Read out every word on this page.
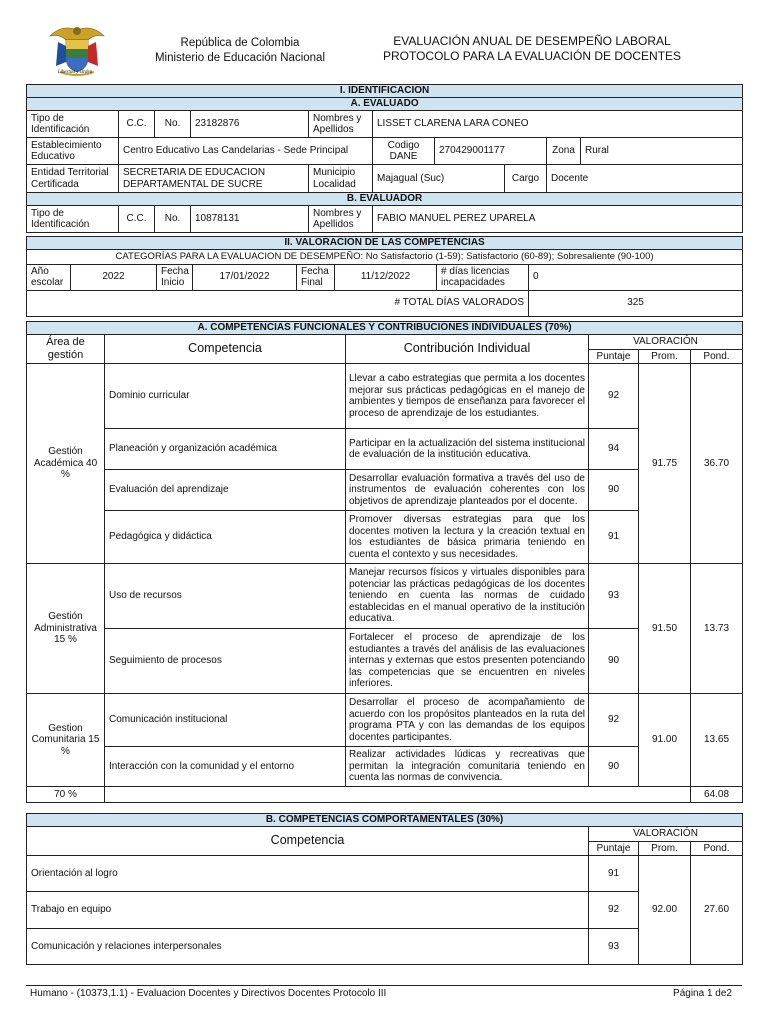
Libertad y Orden
República de Colombia
Ministerio de Educación Nacional
EVALUACIÓN ANUAL DE DESEMPEÑO LABORAL
PROTOCOLO PARA LA EVALUACIÓN DE DOCENTES
I. IDENTIFICACION									
A. EVALUADO									
Tipo de Identificación	C.C.	No.	23182876	Nombres y Apellidos	LISSET CLARENA LARA CONEO				
Establecimiento Educativo	Centro Educativo Las Candelarias - Sede Principal				Codigo DANE	270429001177		Zona	Rural
Entidad Territorial Certificada	SECRETARIA DE EDUCACION DEPARTAMENTAL DE SUCRE			Municipio Localidad	Majagual (Suc)		Cargo	Docente	
B. EVALUADOR									
Tipo de Identificación	C.C.	No.	10878131	Nombres y Apellidos	FABIO MANUEL PEREZ UPARELA				
II. VALORACION DE LAS COMPETENCIAS							
CATEGORÍAS PARA LA EVALUACION DE DESEMPEÑO: No Satisfactorio (1-59); Satisfactorio (60-89); Sobresaliente (90-100)							
Año escolar	2022	Fecha Inicio	17/01/2022	Fecha Final	11/12/2022	# días licencias incapacidades	0
# TOTAL DÍAS VALORADOS							325
A. COMPETENCIAS FUNCIONALES Y CONTRIBUCIONES INDIVIDUALES (70%)					
Área de gestión	Competencia	Contribución Individual	VALORACIÓN		
			Puntaje	Prom.	Pond.
Gestión Académica 40 %	Dominio curricular	Llevar a cabo estrategias que permita a los docentes mejorar sus prácticas pedagógicas en el manejo de ambientes y tiempos de enseñanza para favorecer el proceso de aprendizaje de los estudiantes.	92	91.75	36.70
	Planeación y organización académica	Participar en la actualización del sistema institucional de evaluación de la institución educativa.	94		
	Evaluación del aprendizaje	Desarrollar evaluación formativa a través del uso de instrumentos de evaluación coherentes con los objetivos de aprendizaje planteados por el docente.	90		
	Pedagógica y didáctica	Promover diversas estrategias para que los docentes motiven la lectura y la creación textual en los estudiantes de básica primaria teniendo en cuenta el contexto y sus necesidades.	91		
Gestión Administrativa 15 %	Uso de recursos	Manejar recursos físicos y virtuales disponibles para potenciar las prácticas pedagógicas de los docentes teniendo en cuenta las normas de cuidado establecidas en el manual operativo de la institución educativa.	93	91.50	13.73
	Seguimiento de procesos	Fortalecer el proceso de aprendizaje de los estudiantes a través del análisis de las evaluaciones internas y externas que estos presenten potenciando las competencias que se encuentren en niveles inferiores.	90		
Gestion Comunitaria 15 %	Comunicación institucional	Desarrollar el proceso de acompañamiento de acuerdo con los propósitos planteados en la ruta del programa PTA y con las demandas de los equipos docentes participantes.	92	91.00	13.65
	Interacción con la comunidad y el entorno	Realizar actividades lúdicas y recreativas que permitan la integración comunitaria teniendo en cuenta las normas de convivencia.	90		
70 %					64.08
B. COMPETENCIAS COMPORTAMENTALES (30%)			
Competencia	VALORACIÓN		
	Puntaje	Prom.	Pond.
Orientación al logro	91	92.00	27.60
Trabajo en equipo	92		
Comunicación y relaciones interpersonales	93		
Humano - (10373,1.1) - Evaluacion Docentes y Directivos Docentes Protocolo III	Página 1 de2
